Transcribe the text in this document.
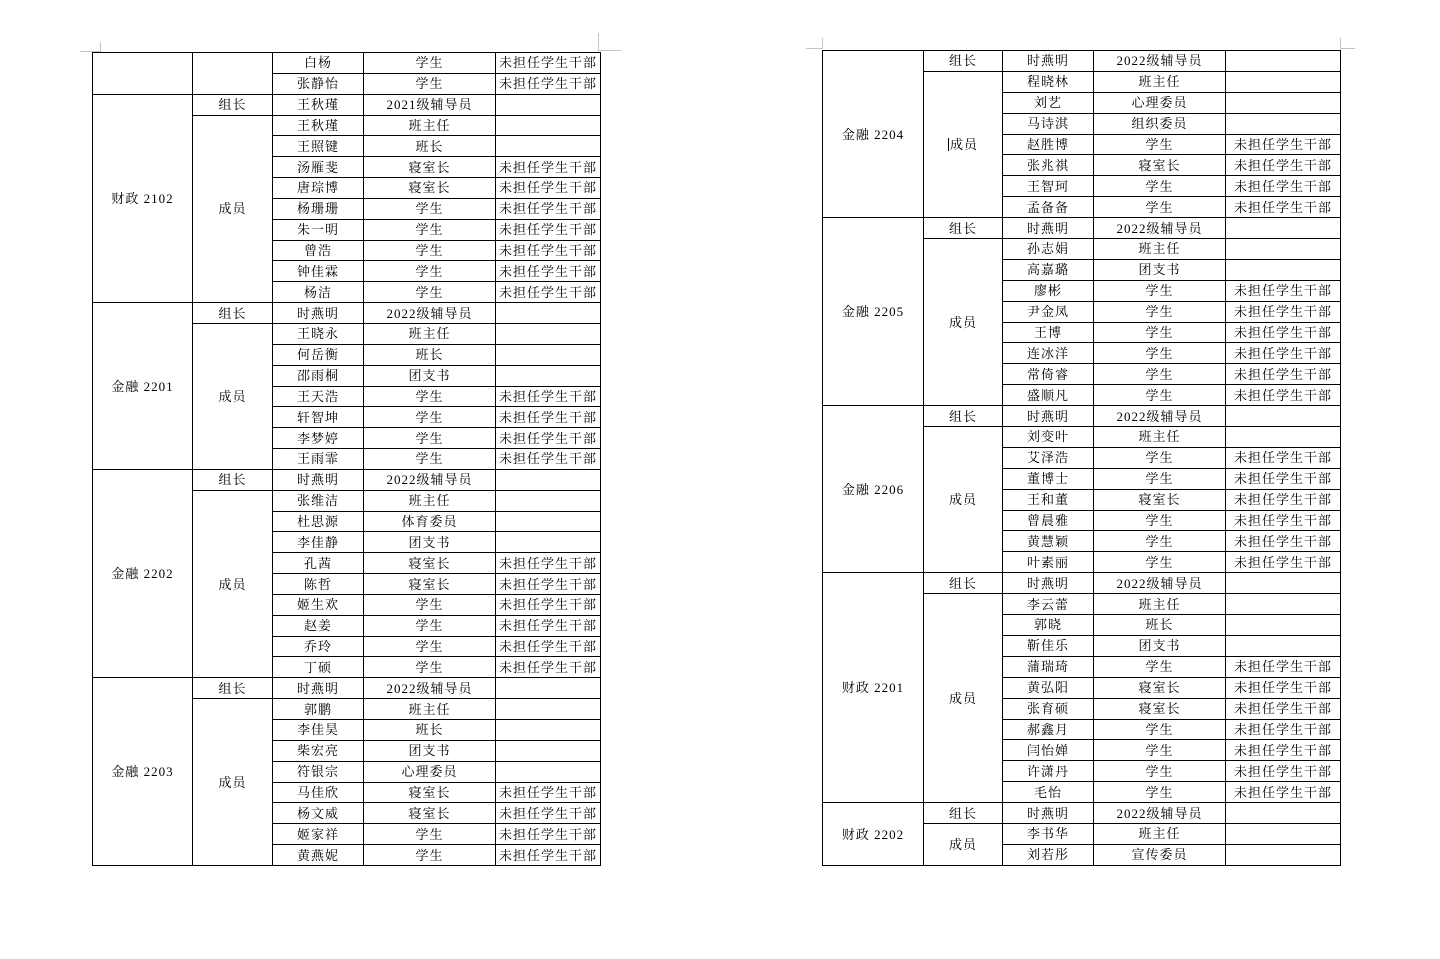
		白杨	学生	未担任学生干部
		张静怡	学生	未担任学生干部
财政 2102	组长	王秋瑾	2021级辅导员	
	成员	王秋瑾	班主任	
		王照键	班长	
		汤雁斐	寝室长	未担任学生干部
		唐琮博	寝室长	未担任学生干部
		杨珊珊	学生	未担任学生干部
		朱一明	学生	未担任学生干部
		曾浩	学生	未担任学生干部
		钟佳霖	学生	未担任学生干部
		杨洁	学生	未担任学生干部
金融 2201	组长	时燕明	2022级辅导员	
	成员	王晓永	班主任	
		何岳衡	班长	
		邵雨桐	团支书	
		王天浩	学生	未担任学生干部
		轩智坤	学生	未担任学生干部
		李梦婷	学生	未担任学生干部
		王雨霏	学生	未担任学生干部
金融 2202	组长	时燕明	2022级辅导员	
	成员	张维洁	班主任	
		杜思源	体育委员	
		李佳静	团支书	
		孔茜	寝室长	未担任学生干部
		陈哲	寝室长	未担任学生干部
		姬生欢	学生	未担任学生干部
		赵姜	学生	未担任学生干部
		乔玲	学生	未担任学生干部
		丁硕	学生	未担任学生干部
金融 2203	组长	时燕明	2022级辅导员	
	成员	郭鹏	班主任	
		李佳昊	班长	
		柴宏亮	团支书	
		符银宗	心理委员	
		马佳欣	寝室长	未担任学生干部
		杨文威	寝室长	未担任学生干部
		姬家祥	学生	未担任学生干部
		黄燕妮	学生	未担任学生干部
金融 2204	组长	时燕明	2022级辅导员	
	成员	程晓林	班主任	
		刘艺	心理委员	
		马诗淇	组织委员	
		赵胜博	学生	未担任学生干部
		张兆祺	寝室长	未担任学生干部
		王智珂	学生	未担任学生干部
		孟备备	学生	未担任学生干部
金融 2205	组长	时燕明	2022级辅导员	
	成员	孙志娟	班主任	
		高嘉璐	团支书	
		廖彬	学生	未担任学生干部
		尹金凤	学生	未担任学生干部
		王博	学生	未担任学生干部
		连冰洋	学生	未担任学生干部
		常倚睿	学生	未担任学生干部
		盛顺凡	学生	未担任学生干部
金融 2206	组长	时燕明	2022级辅导员	
	成员	刘变叶	班主任	
		艾泽浩	学生	未担任学生干部
		董博士	学生	未担任学生干部
		王和董	寝室长	未担任学生干部
		曾晨雅	学生	未担任学生干部
		黄慧颖	学生	未担任学生干部
		叶素丽	学生	未担任学生干部
财政 2201	组长	时燕明	2022级辅导员	
	成员	李云蕾	班主任	
		郭晓	班长	
		靳佳乐	团支书	
		蒲瑞琦	学生	未担任学生干部
		黄弘阳	寝室长	未担任学生干部
		张育硕	寝室长	未担任学生干部
		郝鑫月	学生	未担任学生干部
		闫怡婵	学生	未担任学生干部
		许潇丹	学生	未担任学生干部
		毛怡	学生	未担任学生干部
财政 2202	组长	时燕明	2022级辅导员	
	成员	李书华	班主任	
		刘若彤	宣传委员	
